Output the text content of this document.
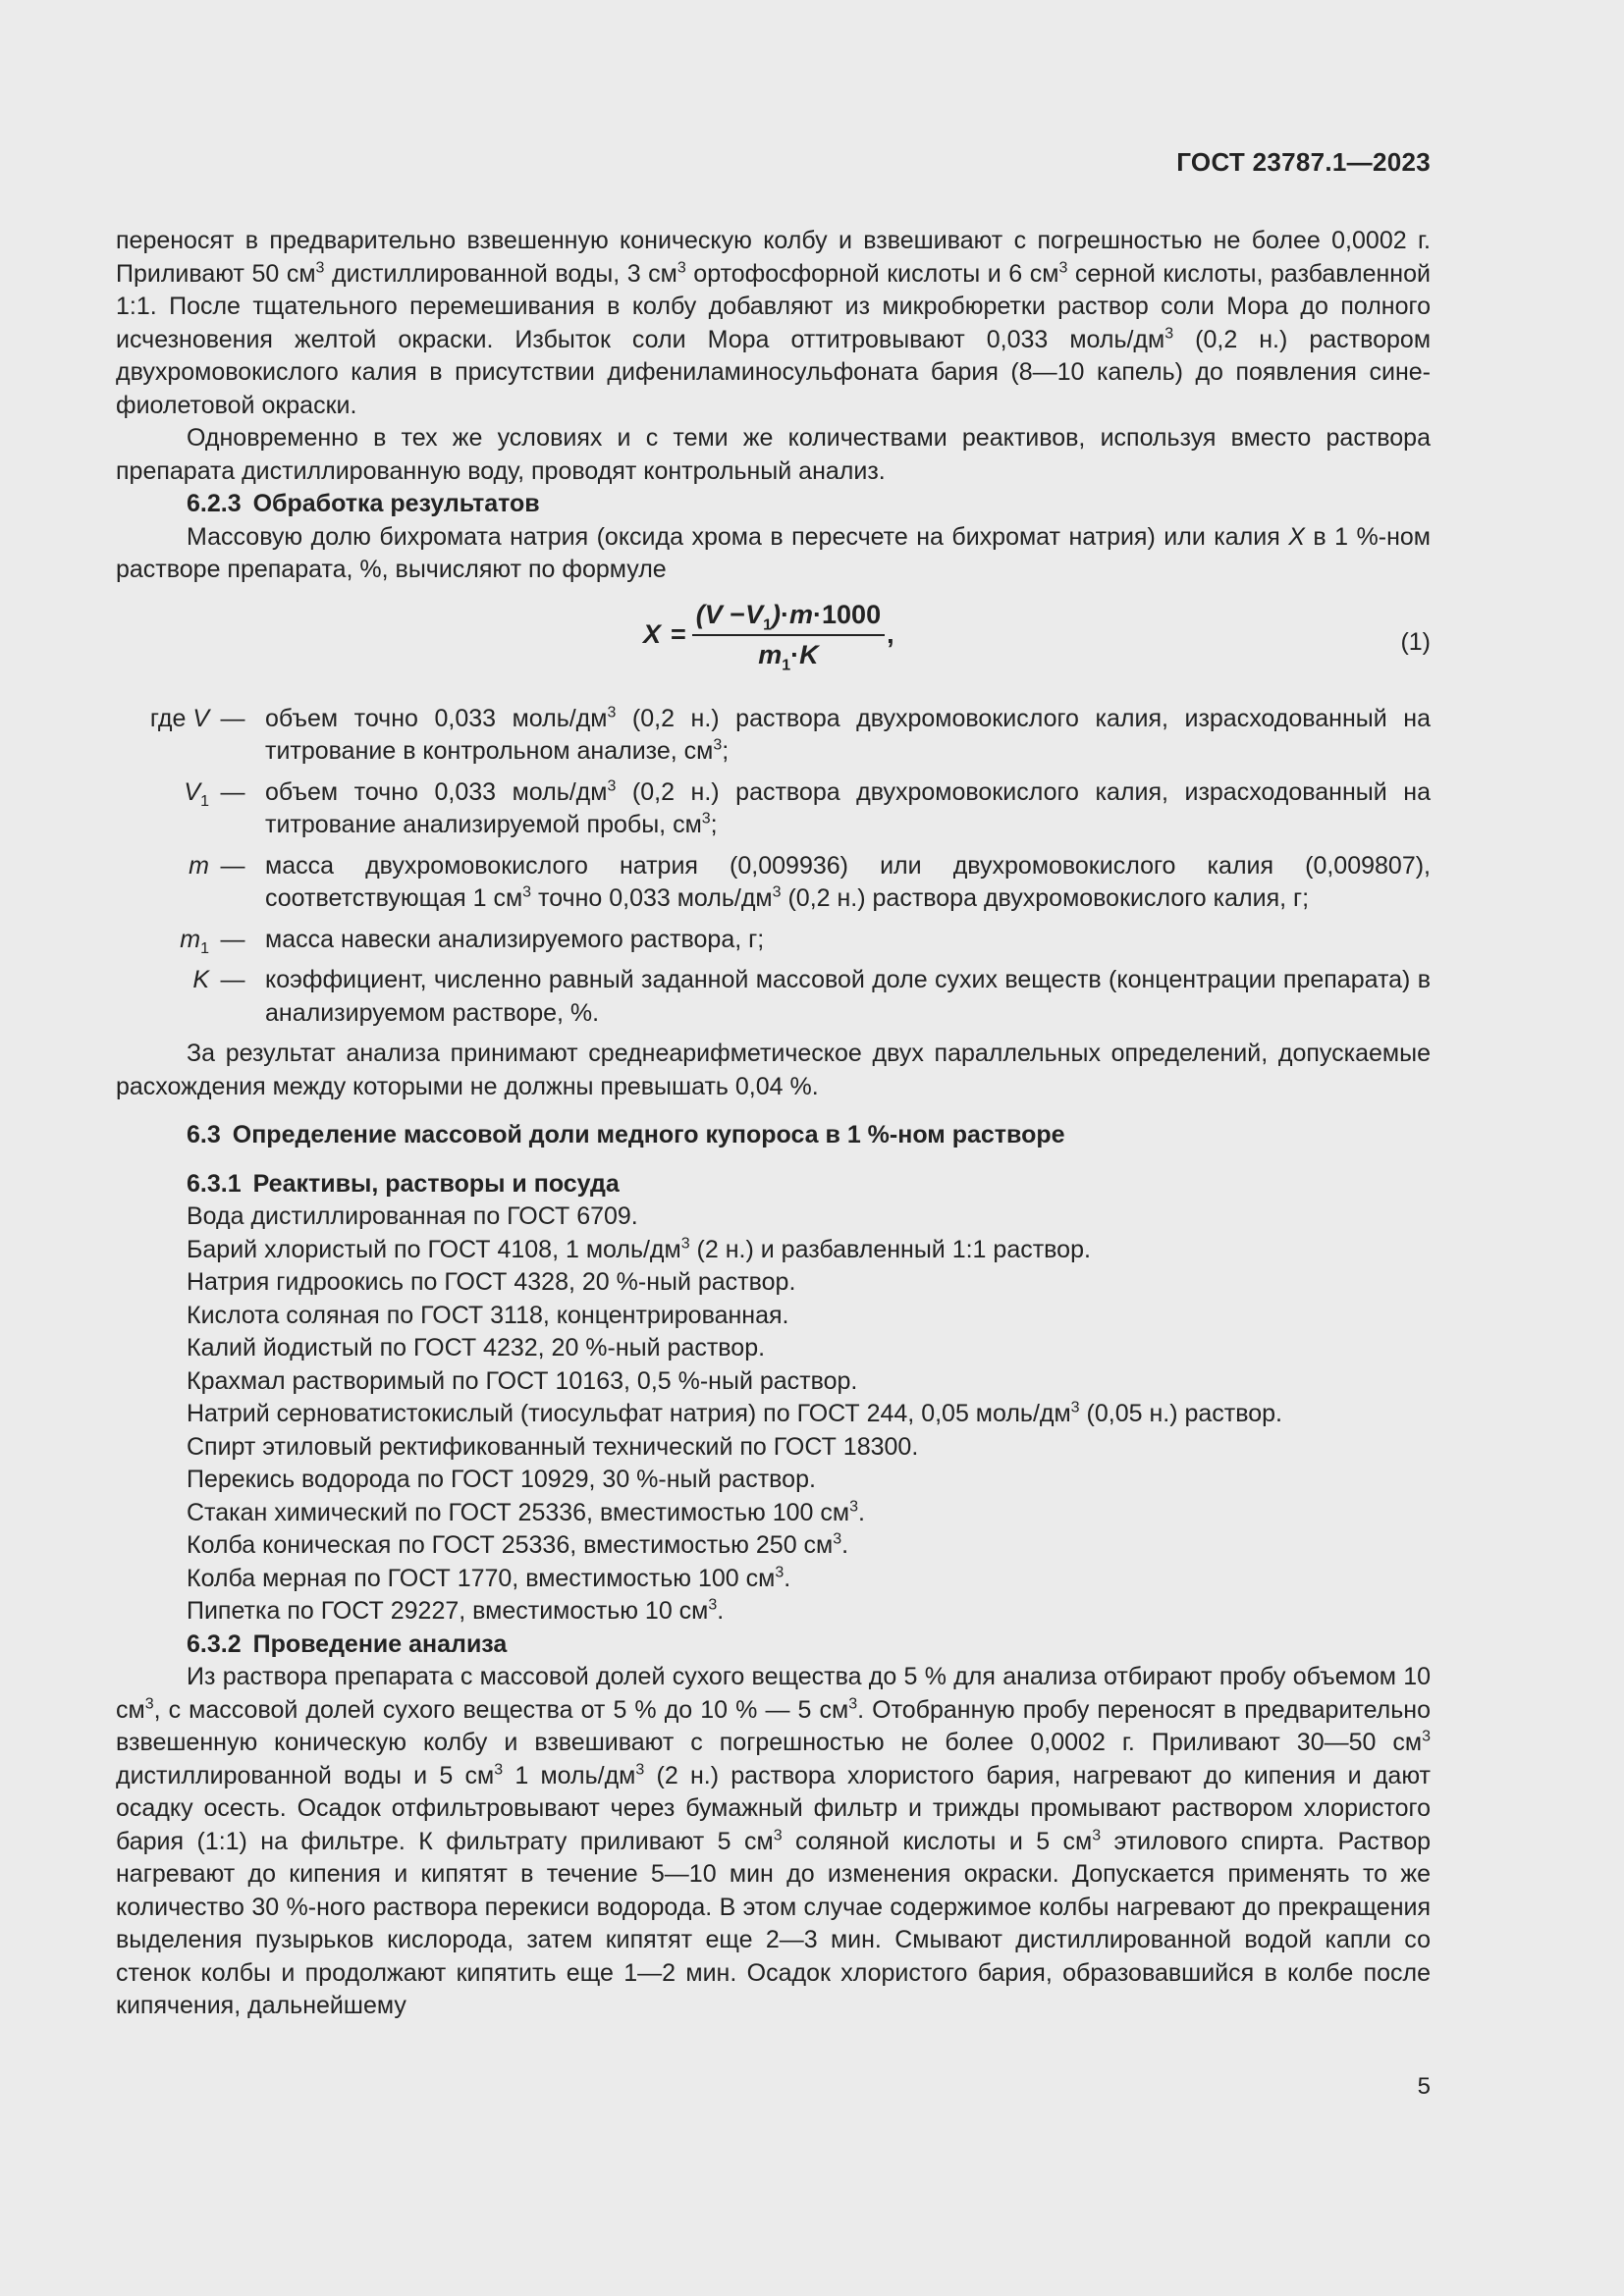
ГОСТ 23787.1—2023

переносят в предварительно взвешенную коническую колбу и взвешивают с погрешностью не более 0,0002 г. Приливают 50 $см^3$ дистиллированной воды, 3 $см^3$ ортофосфорной кислоты и 6 $см^3$ серной кислоты, разбавленной 1:1. После тщательного перемешивания в колбу добавляют из микробюретки раствор соли Мора до полного исчезновения желтой окраски. Избыток соли Мора оттитровывают 0,033 моль/$дм^3$ (0,2 н.) раствором двухромовокислого калия в присутствии дифениламиносульфоната бария (8—10 капель) до появления сине-фиолетовой окраски.

Одновременно в тех же условиях и с теми же количествами реактивов, используя вместо раствора препарата дистиллированную воду, проводят контрольный анализ.

6.2.3 Обработка результатов

Массовую долю бихромата натрия (оксида хрома в пересчете на бихромат натрия) или калия X в 1 %-ном растворе препарата, %, вычисляют по формуле

$X = \frac{(V -V_1)\cdot m\cdot 1000}{m_1\cdot K}$ ,	(1)
где V — объем точно 0,033 моль/$дм^3$ (0,2 н.) раствора двухромовокислого калия, израсходованный на титрование в контрольном анализе, $см^3$;
$V_1$ — объем точно 0,033 моль/$дм^3$ (0,2 н.) раствора двухромовокислого калия, израсходованный на титрование анализируемой пробы, $см^3$;
m — масса двухромовокислого натрия (0,009936) или двухромовокислого калия (0,009807), соответствующая 1 $см^3$ точно 0,033 моль/$дм^3$ (0,2 н.) раствора двухромовокислого калия, г;
$m_1$ — масса навески анализируемого раствора, г;
K — коэффициент, численно равный заданной массовой доле сухих веществ (концентрации препарата) в анализируемом растворе, %.

За результат анализа принимают среднеарифметическое двух параллельных определений, допускаемые расхождения между которыми не должны превышать 0,04 %.

6.3 Определение массовой доли медного купороса в 1 %-ном растворе

6.3.1 Реактивы, растворы и посуда

Вода дистиллированная по ГОСТ 6709.

Барий хлористый по ГОСТ 4108, 1 моль/$дм^3$ (2 н.) и разбавленный 1:1 раствор.

Натрия гидроокись по ГОСТ 4328, 20 %-ный раствор.

Кислота соляная по ГОСТ 3118, концентрированная.

Калий йодистый по ГОСТ 4232, 20 %-ный раствор.

Крахмал растворимый по ГОСТ 10163, 0,5 %-ный раствор.

Натрий серноватистокислый (тиосульфат натрия) по ГОСТ 244, 0,05 моль/$дм^3$ (0,05 н.) раствор.

Спирт этиловый ректификованный технический по ГОСТ 18300.

Перекись водорода по ГОСТ 10929, 30 %-ный раствор.

Стакан химический по ГОСТ 25336, вместимостью 100 $см^3$.

Колба коническая по ГОСТ 25336, вместимостью 250 $см^3$.

Колба мерная по ГОСТ 1770, вместимостью 100 $см^3$.

Пипетка по ГОСТ 29227, вместимостью 10 $см^3$.

6.3.2 Проведение анализа

Из раствора препарата с массовой долей сухого вещества до 5 % для анализа отбирают пробу объемом 10 $см^3$, с массовой долей сухого вещества от 5 % до 10 % — 5 $см^3$. Отобранную пробу переносят в предварительно взвешенную коническую колбу и взвешивают с погрешностью не более 0,0002 г. Приливают 30—50 $см^3$ дистиллированной воды и 5 $см^3$ 1 моль/$дм^3$ (2 н.) раствора хлористого бария, нагревают до кипения и дают осадку осесть. Осадок отфильтровывают через бумажный фильтр и трижды промывают раствором хлористого бария (1:1) на фильтре. К фильтрату приливают 5 $см^3$ соляной кислоты и 5 $см^3$ этилового спирта. Раствор нагревают до кипения и кипятят в течение 5—10 мин до изменения окраски. Допускается применять то же количество 30 %-ного раствора перекиси водорода. В этом случае содержимое колбы нагревают до прекращения выделения пузырьков кислорода, затем кипятят еще 2—3 мин. Смывают дистиллированной водой капли со стенок колбы и продолжают кипятить еще 1—2 мин. Осадок хлористого бария, образовавшийся в колбе после кипячения, дальнейшему

5
